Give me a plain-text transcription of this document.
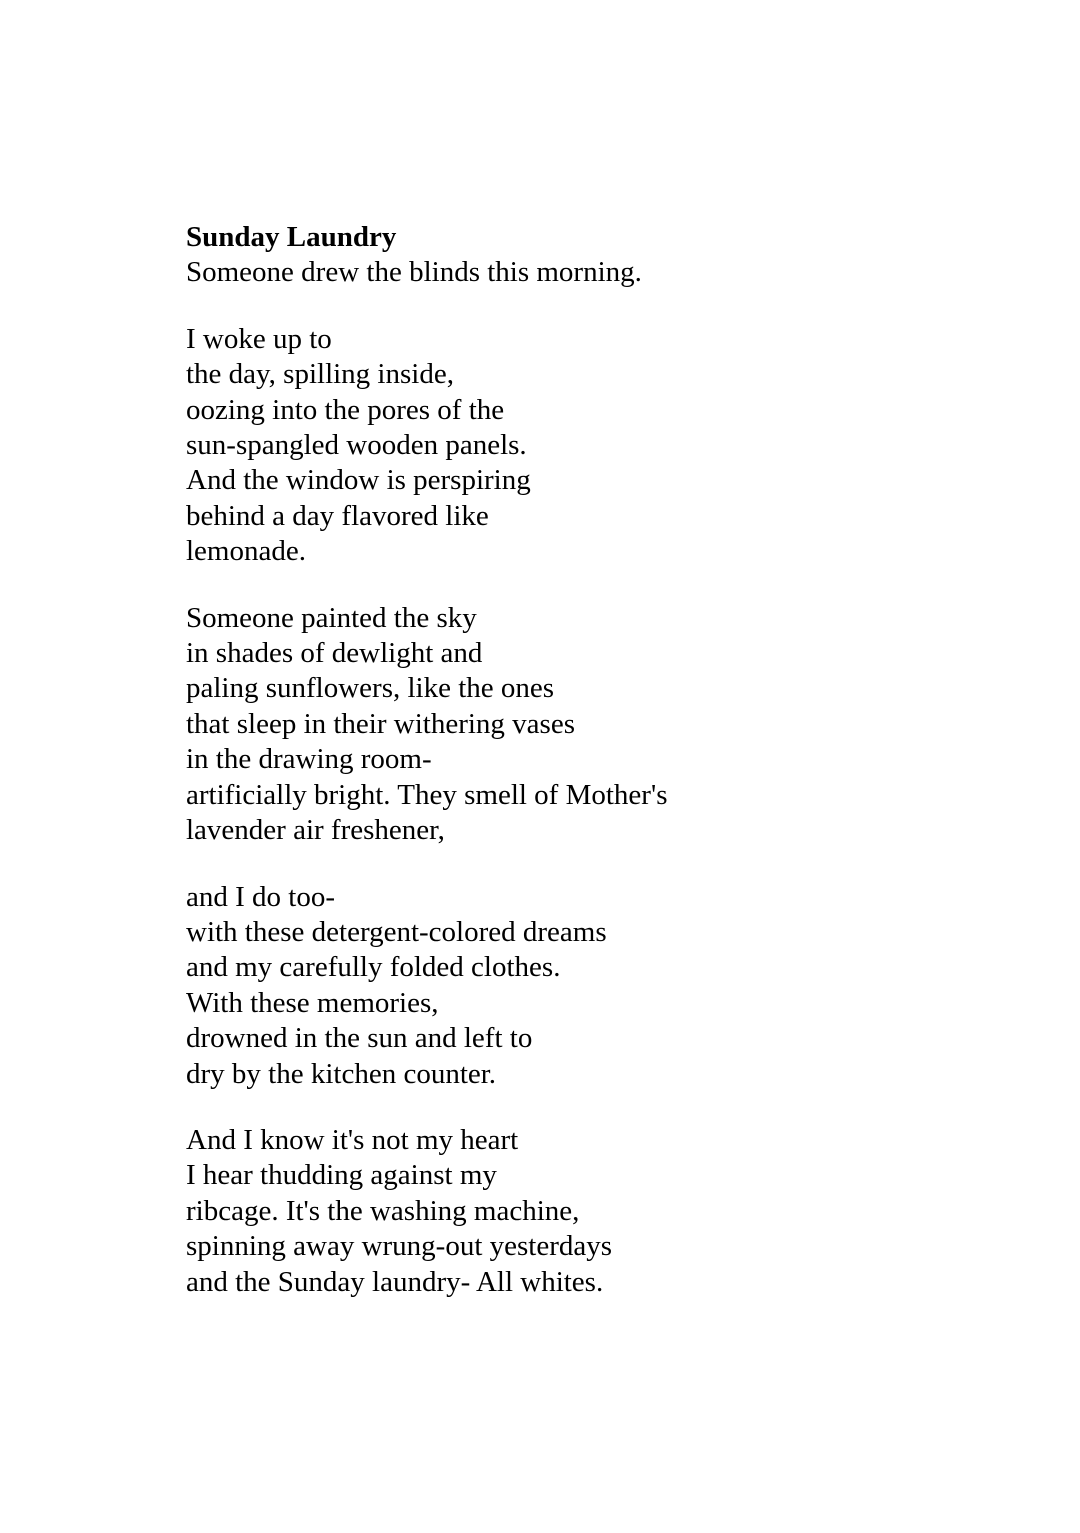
Sunday Laundry
Someone drew the blinds this morning.
I woke up to
the day, spilling inside,
oozing into the pores of the
sun-spangled wooden panels.
And the window is perspiring
behind a day flavored like
lemonade.
Someone painted the sky
in shades of dewlight and
paling sunflowers, like the ones
that sleep in their withering vases
in the drawing room-
artificially bright. They smell of Mother's
lavender air freshener,
and I do too-
with these detergent-colored dreams
and my carefully folded clothes.
With these memories,
drowned in the sun and left to
dry by the kitchen counter.
And I know it's not my heart
I hear thudding against my
ribcage. It's the washing machine,
spinning away wrung-out yesterdays
and the Sunday laundry- All whites.
